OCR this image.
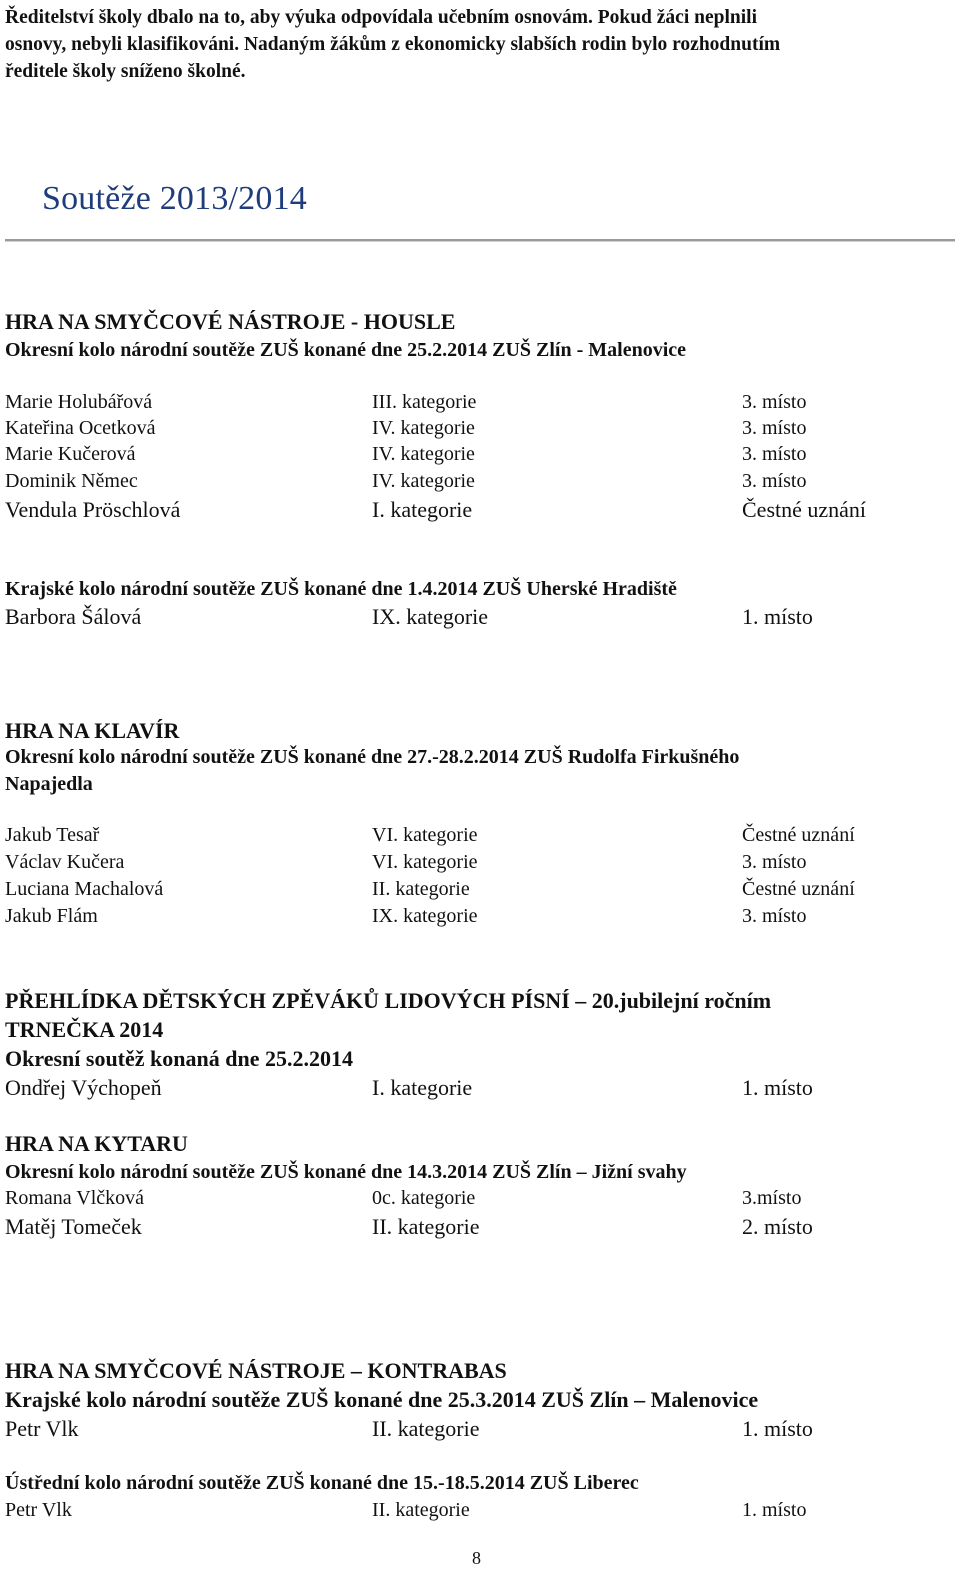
Ředitelství školy dbalo na to, aby výuka odpovídala učebním osnovám. Pokud žáci neplnili
osnovy, nebyli klasifikováni. Nadaným žákům z ekonomicky slabších rodin bylo rozhodnutím
ředitele školy sníženo školné.
Soutěže 2013/2014
HRA NA SMYČCOVÉ NÁSTROJE - HOUSLE
Okresní kolo národní soutěže ZUŠ konané dne 25.2.2014 ZUŠ Zlín - Malenovice
Marie Holubářová	III. kategorie	3. místo
Kateřina Ocetková	IV. kategorie	3. místo
Marie Kučerová	IV. kategorie	3. místo
Dominik Němec	IV. kategorie	3. místo
Vendula Pröschlová	I. kategorie	Čestné uznání
Krajské kolo národní soutěže ZUŠ konané dne 1.4.2014 ZUŠ Uherské Hradiště
Barbora Šálová	IX. kategorie	1. místo
HRA NA KLAVÍR
Okresní kolo národní soutěže ZUŠ konané dne 27.-28.2.2014 ZUŠ Rudolfa Firkušného
Napajedla
Jakub Tesař	VI. kategorie	Čestné uznání
Václav Kučera	VI. kategorie	3. místo
Luciana Machalová	II. kategorie	Čestné uznání
Jakub Flám	IX. kategorie	3. místo
PŘEHLÍDKA DĚTSKÝCH ZPĚVÁKŮ LIDOVÝCH PÍSNÍ – 20.jubilejní ročním
TRNEČKA 2014
Okresní soutěž konaná dne 25.2.2014
Ondřej Výchopeň	I. kategorie	1. místo
HRA NA KYTARU
Okresní kolo národní soutěže ZUŠ konané dne 14.3.2014 ZUŠ Zlín – Jižní svahy
Romana Vlčková	0c. kategorie	3.místo
Matěj Tomeček	II. kategorie	2. místo
HRA NA SMYČCOVÉ NÁSTROJE – KONTRABAS
Krajské kolo národní soutěže ZUŠ konané dne 25.3.2014 ZUŠ Zlín – Malenovice
Petr Vlk	II. kategorie	1. místo
Ústřední kolo národní soutěže ZUŠ konané dne 15.-18.5.2014 ZUŠ Liberec
Petr Vlk	II. kategorie	1. místo
8
